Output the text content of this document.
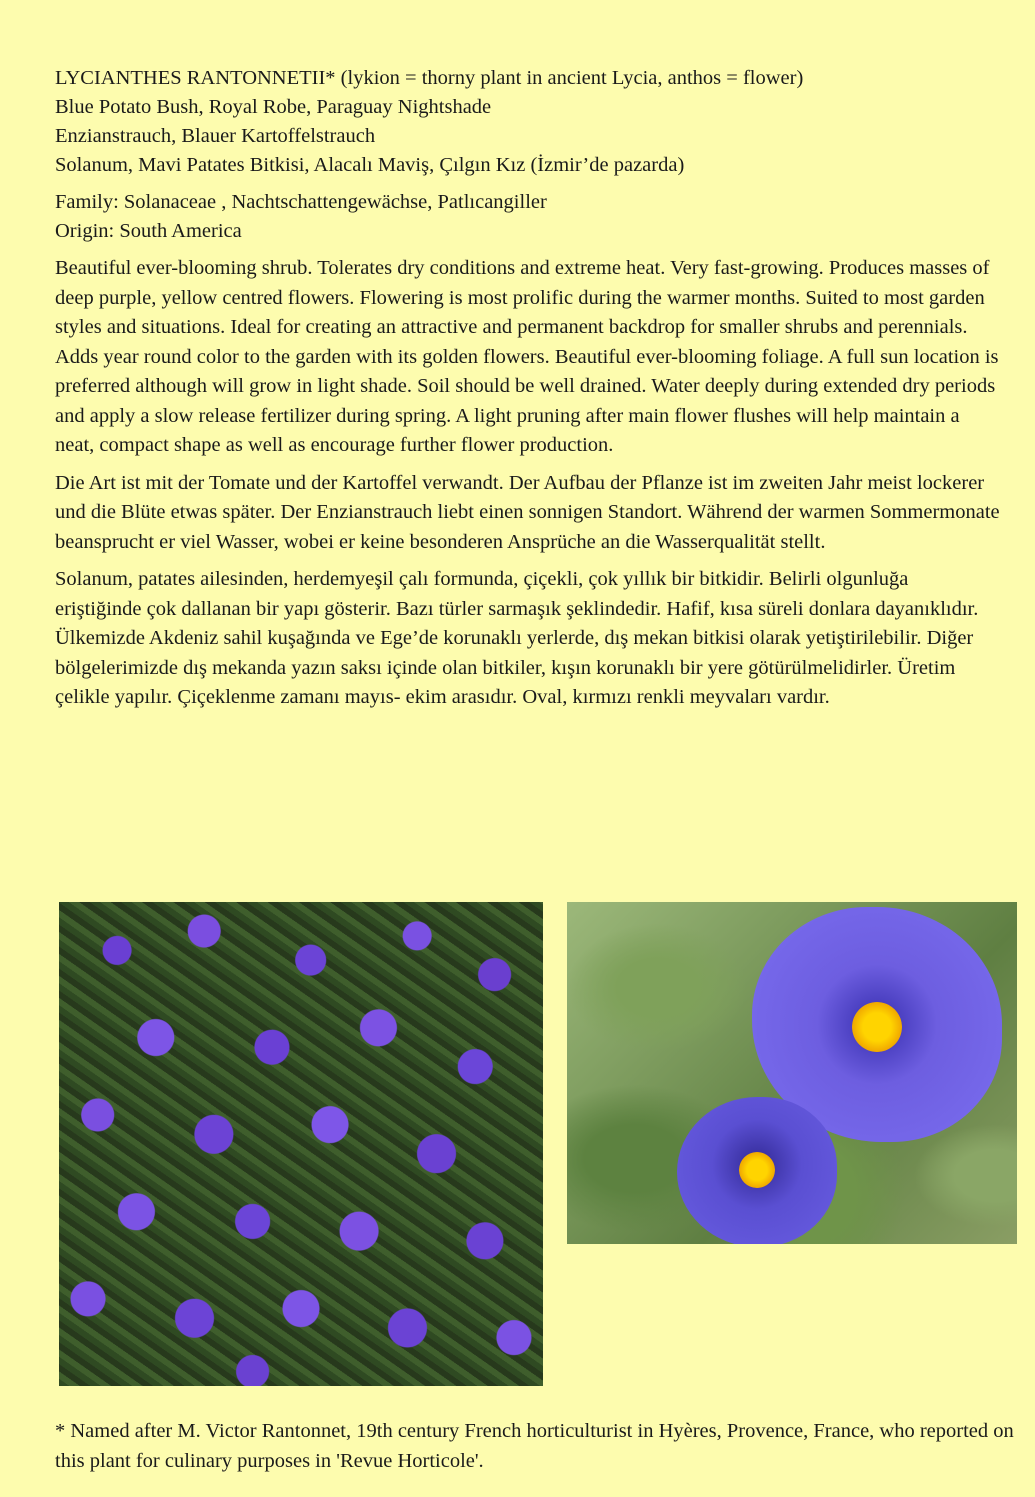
LYCIANTHES RANTONNETII* (lykion = thorny plant in ancient Lycia, anthos = flower)
Blue Potato Bush, Royal Robe, Paraguay Nightshade
Enzianstrauch, Blauer Kartoffelstrauch
Solanum, Mavi Patates Bitkisi, Alacalı Maviş, Çılgın Kız (İzmir’de pazarda)
Family: Solanaceae , Nachtschattengewächse, Patlıcangiller
Origin: South America

Beautiful ever-blooming shrub. Tolerates dry conditions and extreme heat. Very fast-growing. Produces masses of deep purple, yellow centred flowers. Flowering is most prolific during the warmer months. Suited to most garden styles and situations. Ideal for creating an attractive and permanent backdrop for smaller shrubs and perennials. Adds year round color to the garden with its golden flowers. Beautiful ever-blooming foliage. A full sun location is preferred although will grow in light shade. Soil should be well drained. Water deeply during extended dry periods and apply a slow release fertilizer during spring. A light pruning after main flower flushes will help maintain a neat, compact shape as well as encourage further flower production.

Die Art ist mit der Tomate und der Kartoffel verwandt. Der Aufbau der Pflanze ist im zweiten Jahr meist lockerer und die Blüte etwas später. Der Enzianstrauch liebt einen sonnigen Standort. Während der warmen Sommermonate beansprucht er viel Wasser, wobei er keine besonderen Ansprüche an die Wasserqualität stellt.

Solanum, patates ailesinden, herdemyeşil çalı formunda, çiçekli, çok yıllık bir bitkidir. Belirli olgunluğa eriştiğinde çok dallanan bir yapı gösterir. Bazı türler sarmaşık şeklindedir. Hafif, kısa süreli donlara dayanıklıdır. Ülkemizde Akdeniz sahil kuşağında ve Ege’de korunaklı yerlerde, dış mekan bitkisi olarak yetiştirilebilir. Diğer bölgelerimizde dış mekanda yazın saksı içinde olan bitkiler, kışın korunaklı bir yere götürülmelidirler. Üretim çelikle yapılır. Çiçeklenme zamanı mayıs- ekim arasıdır. Oval, kırmızı renkli meyvaları vardır.

* Named after M. Victor Rantonnet, 19th century French horticulturist in Hyères, Provence, France, who reported on this plant for culinary purposes in 'Revue Horticole'.
